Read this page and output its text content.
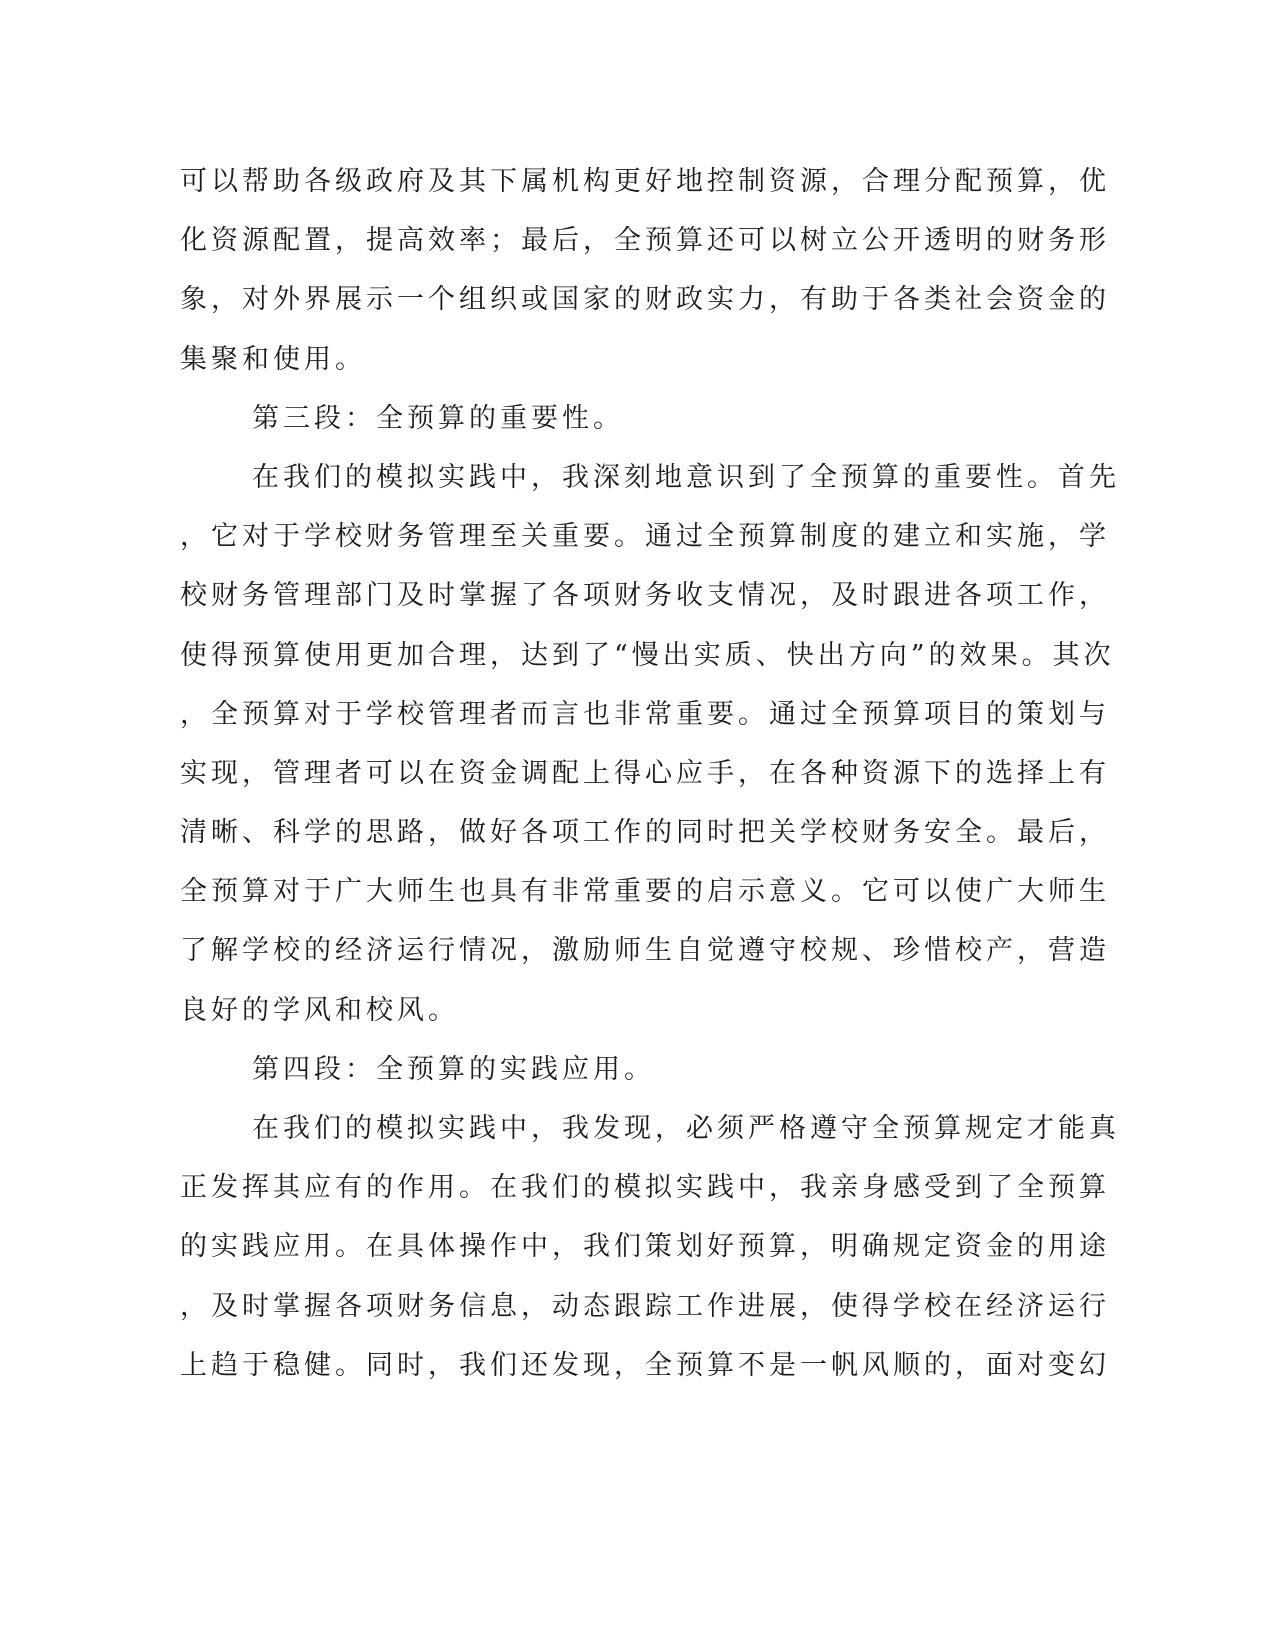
可以帮助各级政府及其下属机构更好地控制资源，合理分配预算，优
化资源配置，提高效率；最后，全预算还可以树立公开透明的财务形
象，对外界展示一个组织或国家的财政实力，有助于各类社会资金的
集聚和使用。
第三段：全预算的重要性。
在我们的模拟实践中，我深刻地意识到了全预算的重要性。首先
，它对于学校财务管理至关重要。通过全预算制度的建立和实施，学
校财务管理部门及时掌握了各项财务收支情况，及时跟进各项工作，
使得预算使用更加合理，达到了“慢出实质、快出方向”的效果。其次
，全预算对于学校管理者而言也非常重要。通过全预算项目的策划与
实现，管理者可以在资金调配上得心应手，在各种资源下的选择上有
清晰、科学的思路，做好各项工作的同时把关学校财务安全。最后，
全预算对于广大师生也具有非常重要的启示意义。它可以使广大师生
了解学校的经济运行情况，激励师生自觉遵守校规、珍惜校产，营造
良好的学风和校风。
第四段：全预算的实践应用。
在我们的模拟实践中，我发现，必须严格遵守全预算规定才能真
正发挥其应有的作用。在我们的模拟实践中，我亲身感受到了全预算
的实践应用。在具体操作中，我们策划好预算，明确规定资金的用途
，及时掌握各项财务信息，动态跟踪工作进展，使得学校在经济运行
上趋于稳健。同时，我们还发现，全预算不是一帆风顺的，面对变幻
